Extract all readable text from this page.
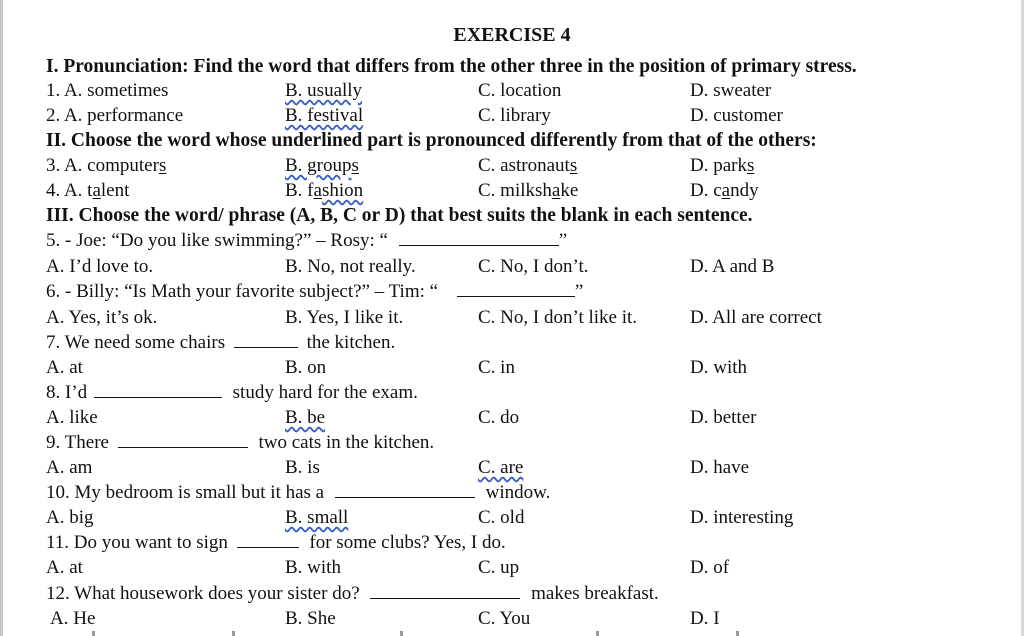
EXERCISE 4
I. Pronunciation: Find the word that differs from the other three in the position of primary stress.
1. A. sometimes	B. usually	C. location	D. sweater
2. A. performance	B. festival	C. library	D. customer
II. Choose the word whose underlined part is pronounced differently from that of the others:
3. A. computers	B. groups	C. astronauts	D. parks
4. A. talent	B. fashion	C. milkshake	D. candy
III. Choose the word/ phrase (A, B, C or D) that best suits the blank in each sentence.
5. - Joe: “Do you like swimming?” – Rosy: “	”
A. I’d love to.	B. No, not really.	C. No, I don’t.	D. A and B
6. - Billy: “Is Math your favorite subject?” – Tim: “	”
A. Yes, it’s ok.	B. Yes, I like it.	C. No, I don’t like it.	D. All are correct
7. We need some chairs	the kitchen.
A. at	B. on	C. in	D. with
8. I’d	study hard for the exam.
A. like	B. be	C. do	D. better
9. There	two cats in the kitchen.
A. am	B. is	C. are	D. have
10. My bedroom is small but it has a	window.
A. big	B. small	C. old	D. interesting
11. Do you want to sign	for some clubs? Yes, I do.
A. at	B. with	C. up	D. of
12. What housework does your sister do?	makes breakfast.
A. He	B. She	C. You	D. I
